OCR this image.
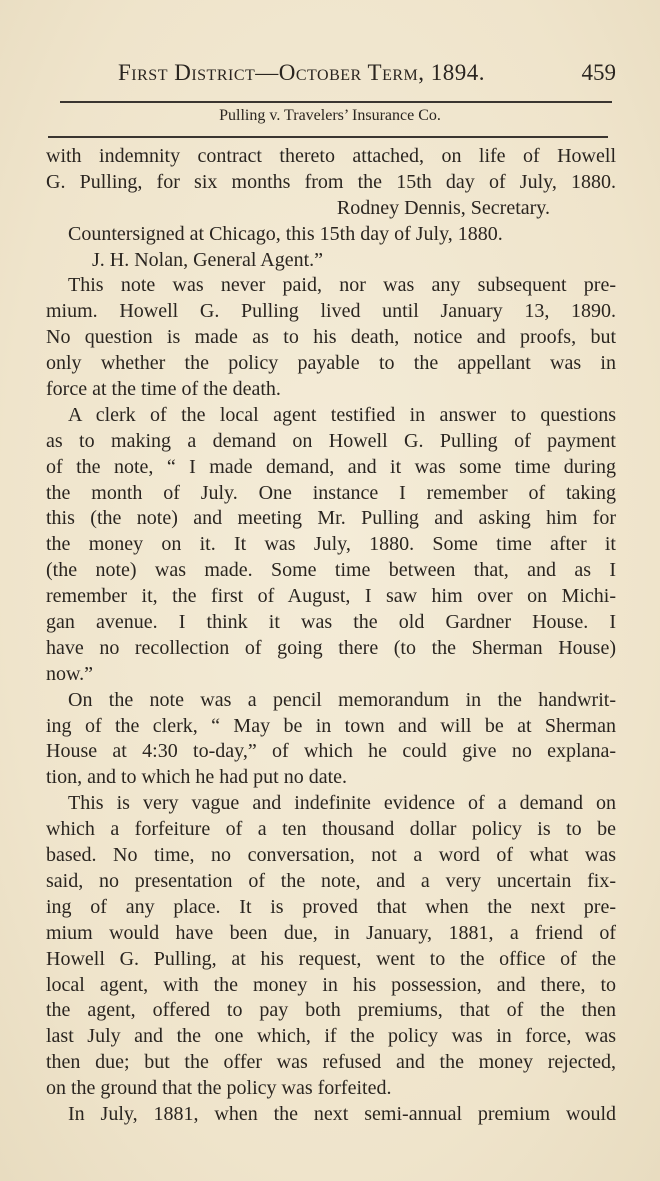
First District—October Term, 1894.	459
Pulling v. Travelers’ Insurance Co.
with indemnity contract thereto attached, on life of Howell
G. Pulling, for six months from the 15th day of July, 1880.
Rodney Dennis, Secretary.
Countersigned at Chicago, this 15th day of July, 1880.
J. H. Nolan, General Agent.”
This note was never paid, nor was any subsequent pre-
mium. Howell G. Pulling lived until January 13, 1890.
No question is made as to his death, notice and proofs, but
only whether the policy payable to the appellant was in
force at the time of the death.
A clerk of the local agent testified in answer to questions
as to making a demand on Howell G. Pulling of payment
of the note, “ I made demand, and it was some time during
the month of July. One instance I remember of taking
this (the note) and meeting Mr. Pulling and asking him for
the money on it. It was July, 1880. Some time after it
(the note) was made. Some time between that, and as I
remember it, the first of August, I saw him over on Michi-
gan avenue. I think it was the old Gardner House. I
have no recollection of going there (to the Sherman House)
now.”
On the note was a pencil memorandum in the handwrit-
ing of the clerk, “ May be in town and will be at Sherman
House at 4:30 to-day,” of which he could give no explana-
tion, and to which he had put no date.
This is very vague and indefinite evidence of a demand on
which a forfeiture of a ten thousand dollar policy is to be
based. No time, no conversation, not a word of what was
said, no presentation of the note, and a very uncertain fix-
ing of any place. It is proved that when the next pre-
mium would have been due, in January, 1881, a friend of
Howell G. Pulling, at his request, went to the office of the
local agent, with the money in his possession, and there, to
the agent, offered to pay both premiums, that of the then
last July and the one which, if the policy was in force, was
then due; but the offer was refused and the money rejected,
on the ground that the policy was forfeited.
In July, 1881, when the next semi-annual premium would
